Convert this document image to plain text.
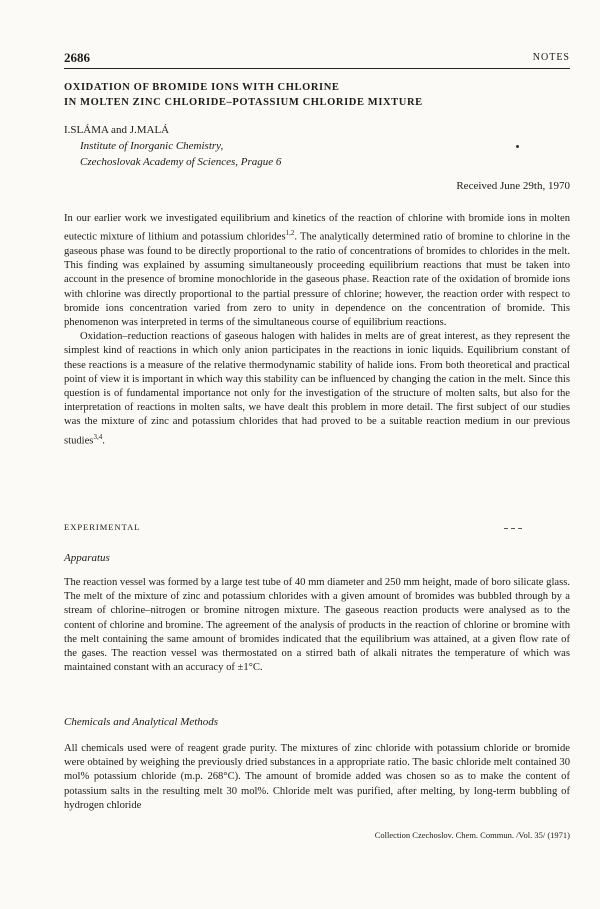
2686	NOTES
OXIDATION OF BROMIDE IONS WITH CHLORINE
IN MOLTEN ZINC CHLORIDE–POTASSIUM CHLORIDE MIXTURE
I.SLÁMA and J.MALÁ
Institute of Inorganic Chemistry,
Czechoslovak Academy of Sciences, Prague 6
Received June 29th, 1970

In our earlier work we investigated equilibrium and kinetics of the reaction of chlorine with bromide ions in molten eutectic mixture of lithium and potassium chlorides$^{1,2}$. The analytically determined ratio of bromine to chlorine in the gaseous phase was found to be directly proportional to the ratio of concentrations of bromides to chlorides in the melt. This finding was explained by assuming simultaneously proceeding equilibrium reactions that must be taken into account in the presence of bromine monochloride in the gaseous phase. Reaction rate of the oxidation of bromide ions with chlorine was directly proportional to the partial pressure of chlorine; however, the reaction order with respect to bromide ions concentration varied from zero to unity in dependence on the concentration of bromide. This phenomenon was interpreted in terms of the simultaneous course of equilibrium reactions.

Oxidation–reduction reactions of gaseous halogen with halides in melts are of great interest, as they represent the simplest kind of reactions in which only anion participates in the reactions in ionic liquids. Equilibrium constant of these reactions is a measure of the relative thermodynamic stability of halide ions. From both theoretical and practical point of view it is important in which way this stability can be influenced by changing the cation in the melt. Since this question is of fundamental importance not only for the investigation of the structure of molten salts, but also for the interpretation of reactions in molten salts, we have dealt this problem in more detail. The first subject of our studies was the mixture of zinc and potassium chlorides that had proved to be a suitable reaction medium in our previous studies$^{3,4}$.

EXPERIMENTAL
Apparatus
The reaction vessel was formed by a large test tube of 40 mm diameter and 250 mm height, made of boro silicate glass. The melt of the mixture of zinc and potassium chlorides with a given amount of bromides was bubbled through by a stream of chlorine–nitrogen or bromine nitrogen mixture. The gaseous reaction products were analysed as to the content of chlorine and bromine. The agreement of the analysis of products in the reaction of chlorine or bromine with the melt containing the same amount of bromides indicated that the equilibrium was attained, at a given flow rate of the gases. The reaction vessel was thermostated on a stirred bath of alkali nitrates the temperature of which was maintained constant with an accuracy of ±1°C.
Chemicals and Analytical Methods
All chemicals used were of reagent grade purity. The mixtures of zinc chloride with potassium chloride or bromide were obtained by weighing the previously dried substances in a appropriate ratio. The basic chloride melt contained 30 mol% potassium chloride (m.p. 268°C). The amount of bromide added was chosen so as to make the content of potassium salts in the resulting melt 30 mol%. Chloride melt was purified, after melting, by long-term bubbling of hydrogen chloride
Collection Czechoslov. Chem. Commun. /Vol. 35/ (1971)
